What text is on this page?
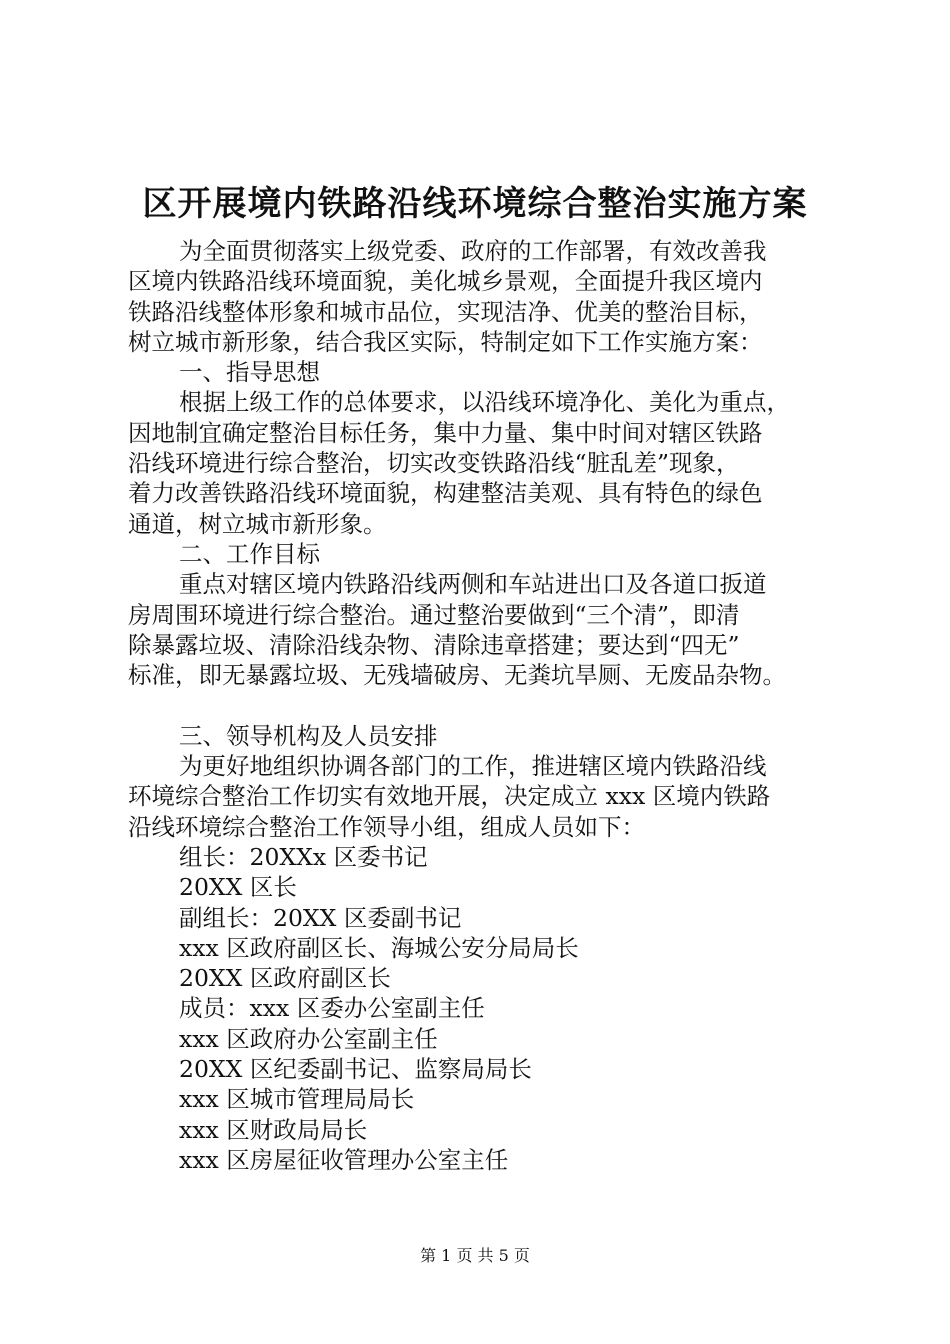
区开展境内铁路沿线环境综合整治实施方案
为全面贯彻落实上级党委、政府的工作部署，有效改善我
区境内铁路沿线环境面貌，美化城乡景观，全面提升我区境内
铁路沿线整体形象和城市品位，实现洁净、优美的整治目标，
树立城市新形象，结合我区实际，特制定如下工作实施方案：
一、指导思想
根据上级工作的总体要求，以沿线环境净化、美化为重点，
因地制宜确定整治目标任务，集中力量、集中时间对辖区铁路
沿线环境进行综合整治，切实改变铁路沿线“脏乱差”现象，
着力改善铁路沿线环境面貌，构建整洁美观、具有特色的绿色
通道，树立城市新形象。
二、工作目标
重点对辖区境内铁路沿线两侧和车站进出口及各道口扳道
房周围环境进行综合整治。通过整治要做到“三个清”，即清
除暴露垃圾、清除沿线杂物、清除违章搭建；要达到“四无”
标准，即无暴露垃圾、无残墙破房、无粪坑旱厕、无废品杂物。
三、领导机构及人员安排
为更好地组织协调各部门的工作，推进辖区境内铁路沿线
环境综合整治工作切实有效地开展，决定成立 xxx 区境内铁路
沿线环境综合整治工作领导小组，组成人员如下：
组长：20XXx 区委书记
20XX 区长
副组长：20XX 区委副书记
xxx 区政府副区长、海城公安分局局长
20XX 区政府副区长
成员：xxx 区委办公室副主任
xxx 区政府办公室副主任
20XX 区纪委副书记、监察局局长
xxx 区城市管理局局长
xxx 区财政局局长
xxx 区房屋征收管理办公室主任
第 1 页 共 5 页
